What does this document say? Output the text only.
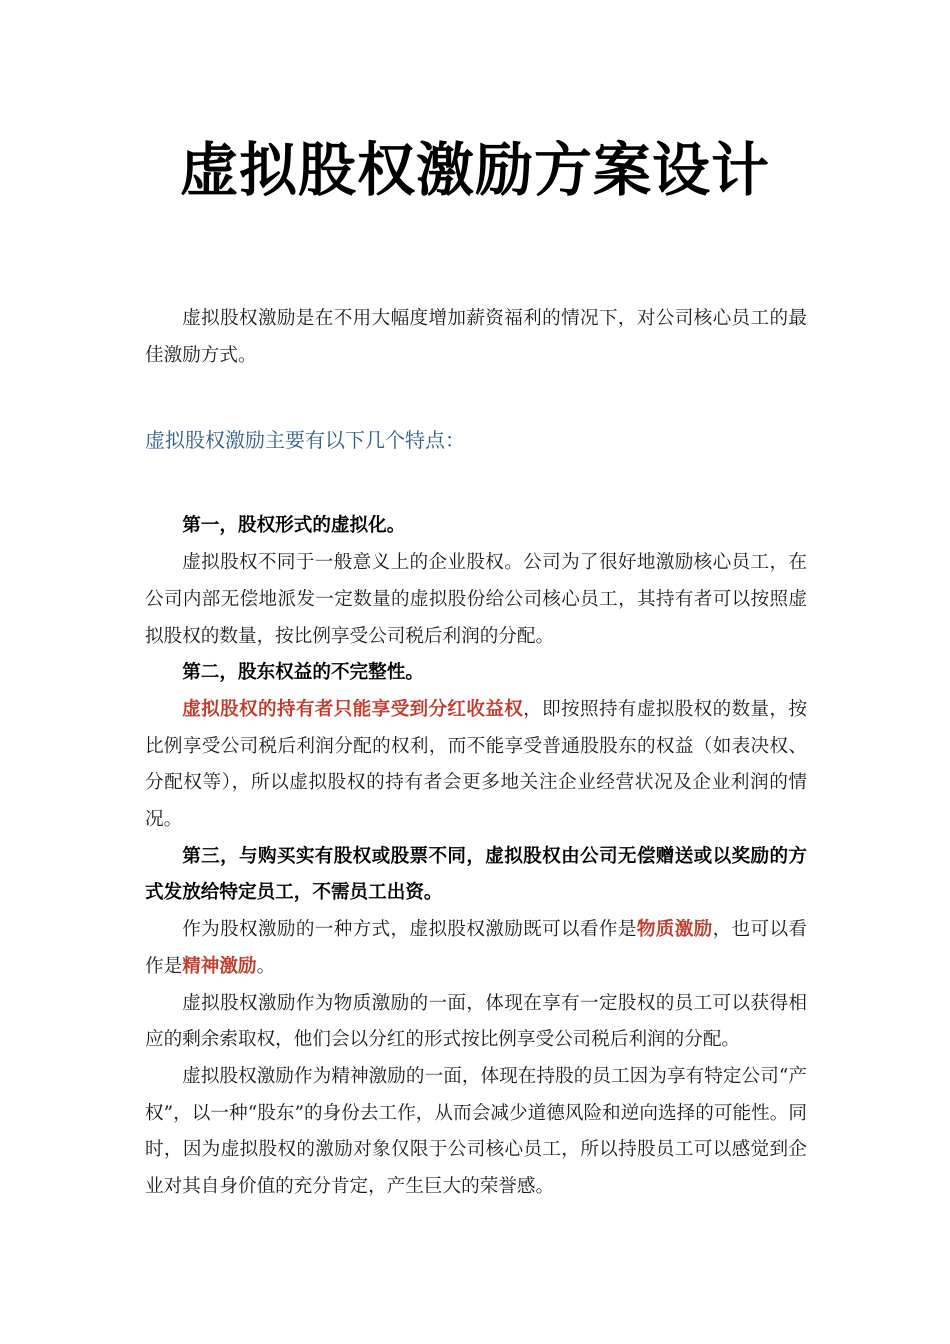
虚拟股权激励方案设计

虚拟股权激励是在不用大幅度增加薪资福利的情况下，对公司核心员工的最佳激励方式。

虚拟股权激励主要有以下几个特点：

第一，股权形式的虚拟化。

虚拟股权不同于一般意义上的企业股权。公司为了很好地激励核心员工，在公司内部无偿地派发一定数量的虚拟股份给公司核心员工，其持有者可以按照虚拟股权的数量，按比例享受公司税后利润的分配。

第二，股东权益的不完整性。

虚拟股权的持有者只能享受到分红收益权，即按照持有虚拟股权的数量，按比例享受公司税后利润分配的权利，而不能享受普通股股东的权益（如表决权、分配权等），所以虚拟股权的持有者会更多地关注企业经营状况及企业利润的情况。

第三，与购买实有股权或股票不同，虚拟股权由公司无偿赠送或以奖励的方式发放给特定员工，不需员工出资。

作为股权激励的一种方式，虚拟股权激励既可以看作是物质激励，也可以看作是精神激励。

虚拟股权激励作为物质激励的一面，体现在享有一定股权的员工可以获得相应的剩余索取权，他们会以分红的形式按比例享受公司税后利润的分配。

虚拟股权激励作为精神激励的一面，体现在持股的员工因为享有特定公司“产权”，以一种“股东”的身份去工作，从而会减少道德风险和逆向选择的可能性。同时，因为虚拟股权的激励对象仅限于公司核心员工，所以持股员工可以感觉到企业对其自身价值的充分肯定，产生巨大的荣誉感。
